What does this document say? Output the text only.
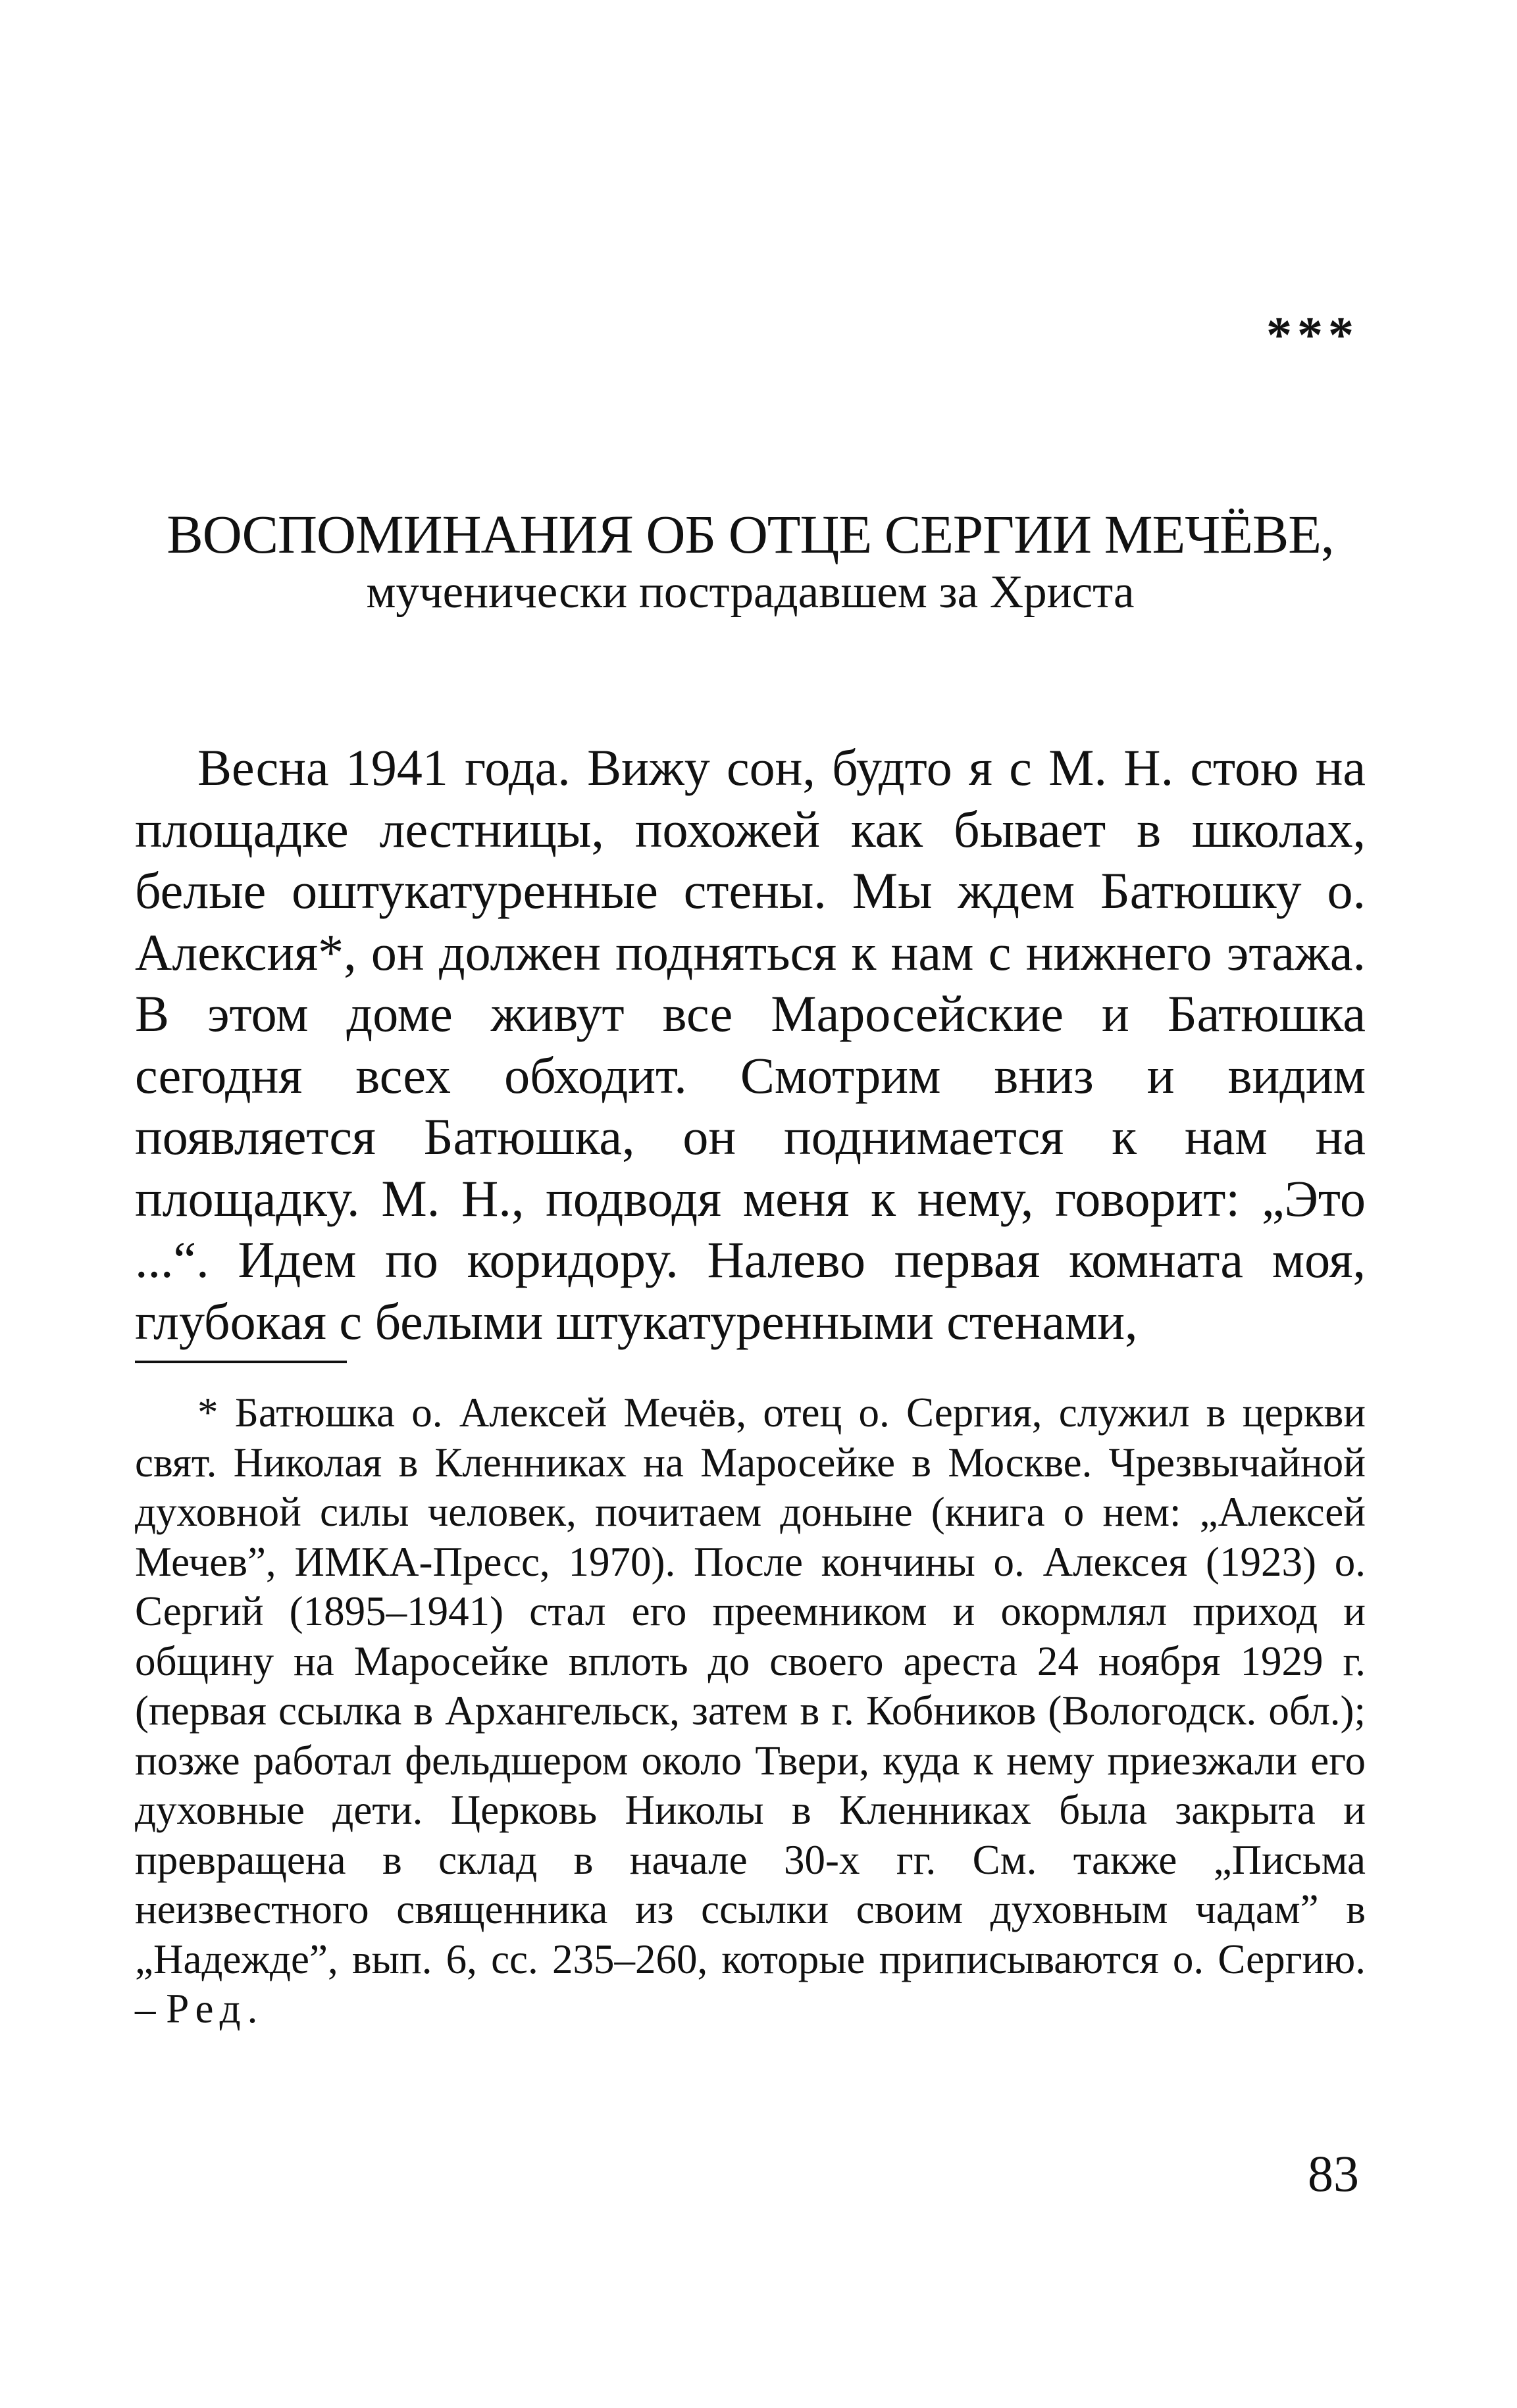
***
ВОСПОМИНАНИЯ ОБ ОТЦЕ СЕРГИИ МЕЧЁВЕ,
мученически пострадавшем за Христа

Весна 1941 года. Вижу сон, будто я с М. Н. стою на площадке лестницы, похожей как бывает в школах, белые оштукатуренные стены. Мы ждем Батюшку о. Алексия*, он должен подняться к нам с нижнего этажа. В этом доме живут все Маросейские и Батюшка сегодня всех обходит. Смотрим вниз и видим появляется Батюшка, он поднимается к нам на площадку. М. Н., подводя меня к нему, говорит: „Это ...“. Идем по коридору. Налево первая комната моя, глубокая с белыми штукатуренными стенами,

* Батюшка о. Алексей Мечёв, отец о. Сергия, служил в церкви свят. Николая в Кленниках на Маросейке в Москве. Чрезвычайной духовной силы человек, почитаем доныне (книга о нем: „Алексей Мечев”, ИМКА-Пресс, 1970). После кончины о. Алексея (1923) о. Сергий (1895–1941) стал его преемником и окормлял приход и общину на Маросейке вплоть до своего ареста 24 ноября 1929 г. (первая ссылка в Архангельск, затем в г. Кобников (Вологодск. обл.); позже работал фельдшером около Твери, куда к нему приезжали его духовные дети. Церковь Николы в Кленниках была закрыта и превращена в склад в начале 30-х гг. См. также „Письма неизвестного священника из ссылки своим духовным чадам” в „Надежде”, вып. 6, сс. 235–260, которые приписываются о. Сергию. – Ред.

83
